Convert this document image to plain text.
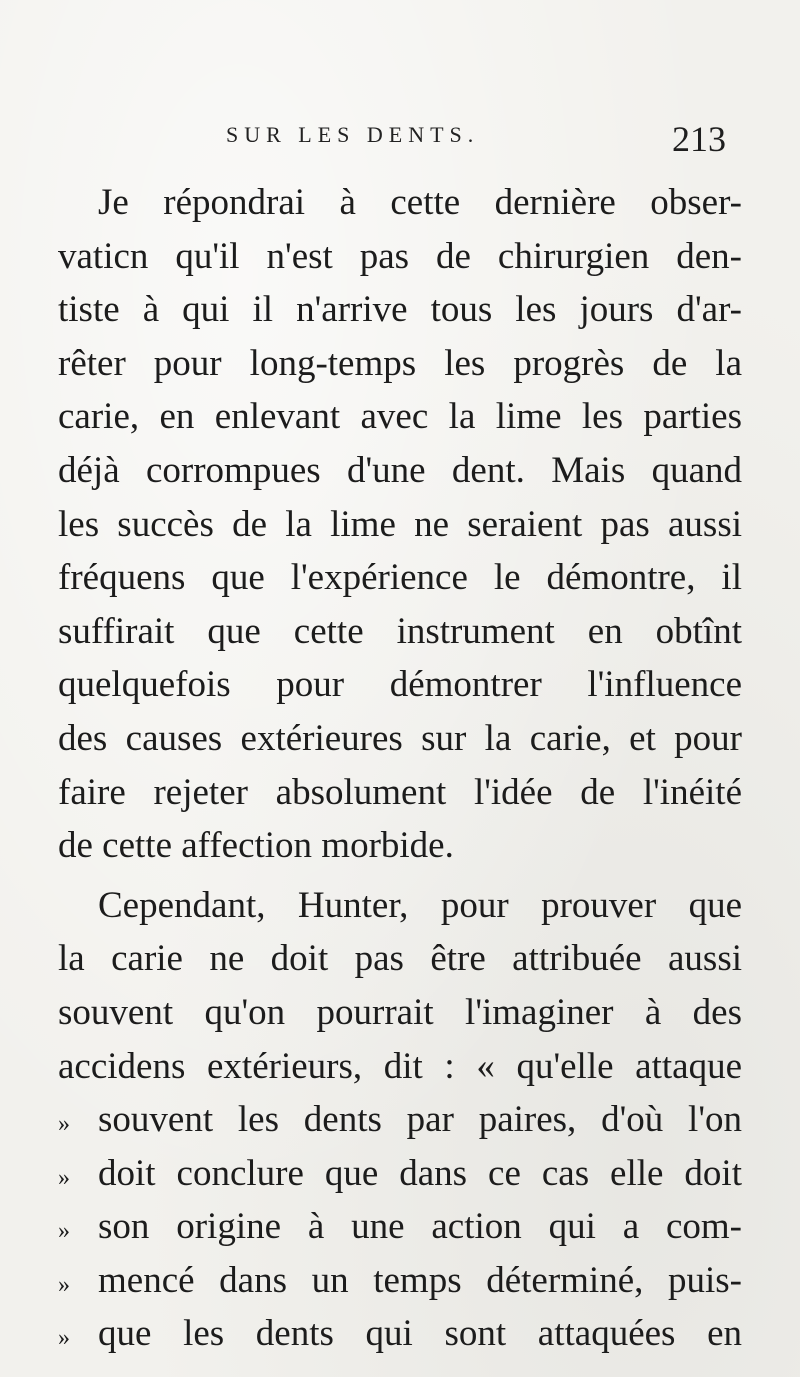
SUR LES DENTS.	213
Je répondrai à cette dernière obser-
vaticn qu'il n'est pas de chirurgien den-
tiste à qui il n'arrive tous les jours d'ar-
rêter pour long-temps les progrès de la
carie, en enlevant avec la lime les parties
déjà corrompues d'une dent. Mais quand
les succès de la lime ne seraient pas aussi
fréquens que l'expérience le démontre, il
suffirait que cette instrument en obtînt
quelquefois pour démontrer l'influence
des causes extérieures sur la carie, et pour
faire rejeter absolument l'idée de l'inéité
de cette affection morbide.
Cependant, Hunter, pour prouver que
la carie ne doit pas être attribuée aussi
souvent qu'on pourrait l'imaginer à des
accidens extérieurs, dit : « qu'elle attaque
» souvent les dents par paires, d'où l'on
» doit conclure que dans ce cas elle doit
» son origine à une action qui a com-
» mencé dans un temps déterminé, puis-
» que les dents qui sont attaquées en
